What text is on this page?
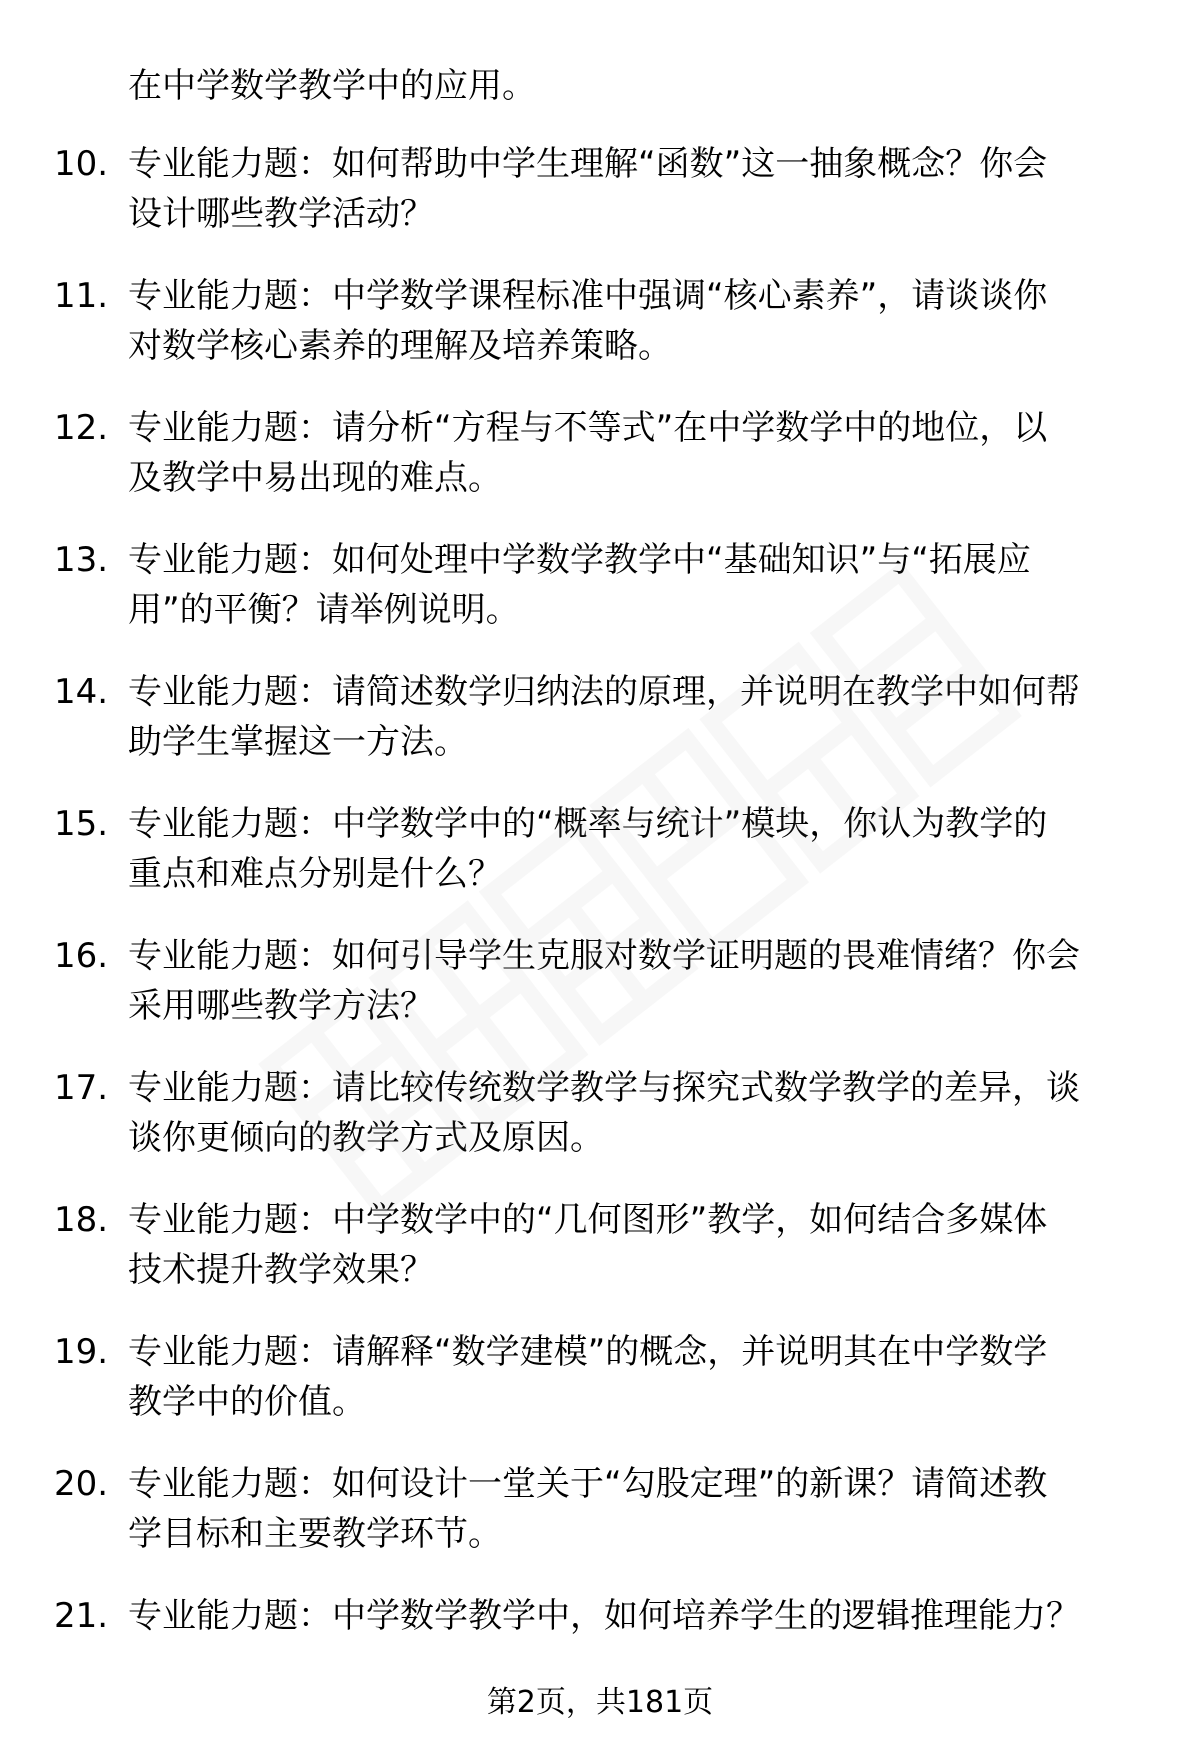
在中学数学教学中的应用。
10. 专业能力题：如何帮助中学生理解“函数”这一抽象概念？你会
设计哪些教学活动？
11. 专业能力题：中学数学课程标准中强调“核心素养”，请谈谈你
对数学核心素养的理解及培养策略。
12. 专业能力题：请分析“方程与不等式”在中学数学中的地位，以
及教学中易出现的难点。
13. 专业能力题：如何处理中学数学教学中“基础知识”与“拓展应
用”的平衡？请举例说明。
14. 专业能力题：请简述数学归纳法的原理，并说明在教学中如何帮
助学生掌握这一方法。
15. 专业能力题：中学数学中的“概率与统计”模块，你认为教学的
重点和难点分别是什么？
16. 专业能力题：如何引导学生克服对数学证明题的畏难情绪？你会
采用哪些教学方法？
17. 专业能力题：请比较传统数学教学与探究式数学教学的差异，谈
谈你更倾向的教学方式及原因。
18. 专业能力题：中学数学中的“几何图形”教学，如何结合多媒体
技术提升教学效果？
19. 专业能力题：请解释“数学建模”的概念，并说明其在中学数学
教学中的价值。
20. 专业能力题：如何设计一堂关于“勾股定理”的新课？请简述教
学目标和主要教学环节。
21. 专业能力题：中学数学教学中，如何培养学生的逻辑推理能力？
第2页，共181页
